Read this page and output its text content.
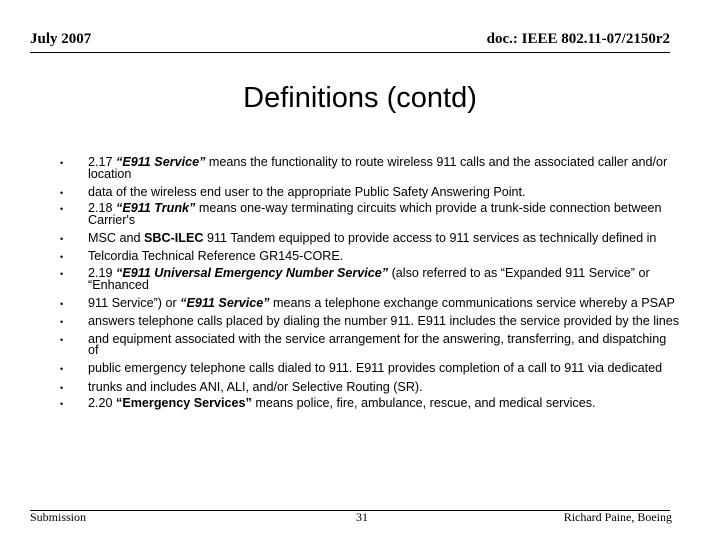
July 2007	doc.: IEEE 802.11-07/2150r2
Definitions (contd)
• 2.17 “E911 Service” means the functionality to route wireless 911 calls and the associated caller and/or location
• data of the wireless end user to the appropriate Public Safety Answering Point.
• 2.18 “E911 Trunk” means one-way terminating circuits which provide a trunk-side connection between Carrier's
• MSC and SBC-ILEC 911 Tandem equipped to provide access to 911 services as technically defined in
• Telcordia Technical Reference GR145-CORE.
• 2.19 “E911 Universal Emergency Number Service” (also referred to as “Expanded 911 Service” or “Enhanced
• 911 Service”) or “E911 Service” means a telephone exchange communications service whereby a PSAP
• answers telephone calls placed by dialing the number 911. E911 includes the service provided by the lines
• and equipment associated with the service arrangement for the answering, transferring, and dispatching of
• public emergency telephone calls dialed to 911. E911 provides completion of a call to 911 via dedicated
• trunks and includes ANI, ALI, and/or Selective Routing (SR).
• 2.20 “Emergency Services” means police, fire, ambulance, rescue, and medical services.
Submission	31	Richard Paine, Boeing
